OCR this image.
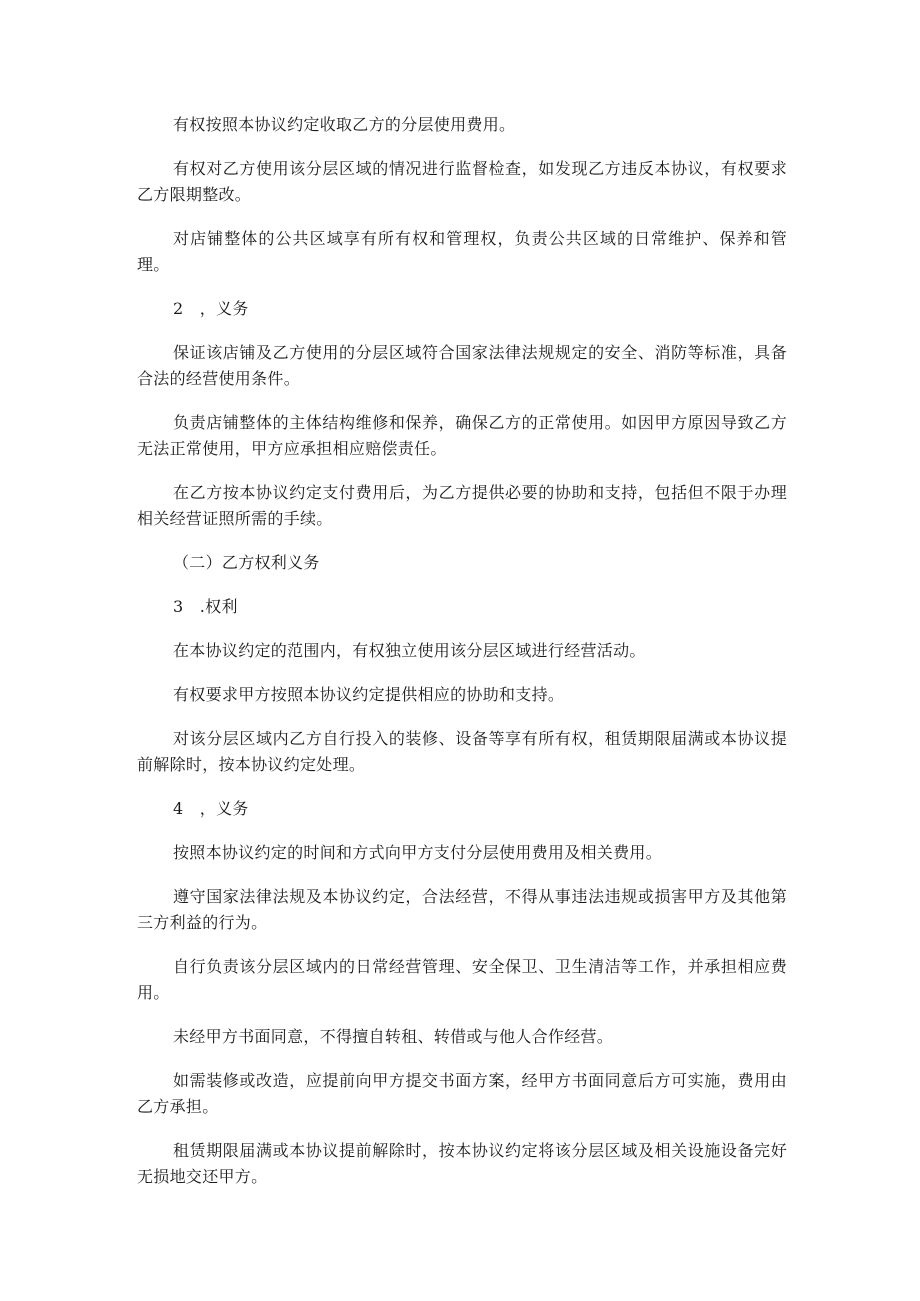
有权按照本协议约定收取乙方的分层使用费用。

有权对乙方使用该分层区域的情况进行监督检查，如发现乙方违反本协议，有权要求乙方限期整改。

对店铺整体的公共区域享有所有权和管理权，负责公共区域的日常维护、保养和管理。

2　，义务

保证该店铺及乙方使用的分层区域符合国家法律法规规定的安全、消防等标准，具备合法的经营使用条件。

负责店铺整体的主体结构维修和保养，确保乙方的正常使用。如因甲方原因导致乙方无法正常使用，甲方应承担相应赔偿责任。

在乙方按本协议约定支付费用后，为乙方提供必要的协助和支持，包括但不限于办理相关经营证照所需的手续。

（二）乙方权利义务

3　.权利

在本协议约定的范围内，有权独立使用该分层区域进行经营活动。

有权要求甲方按照本协议约定提供相应的协助和支持。

对该分层区域内乙方自行投入的装修、设备等享有所有权，租赁期限届满或本协议提前解除时，按本协议约定处理。

4　，义务

按照本协议约定的时间和方式向甲方支付分层使用费用及相关费用。

遵守国家法律法规及本协议约定，合法经营，不得从事违法违规或损害甲方及其他第三方利益的行为。

自行负责该分层区域内的日常经营管理、安全保卫、卫生清洁等工作，并承担相应费用。

未经甲方书面同意，不得擅自转租、转借或与他人合作经营。

如需装修或改造，应提前向甲方提交书面方案，经甲方书面同意后方可实施，费用由乙方承担。

租赁期限届满或本协议提前解除时，按本协议约定将该分层区域及相关设施设备完好无损地交还甲方。
